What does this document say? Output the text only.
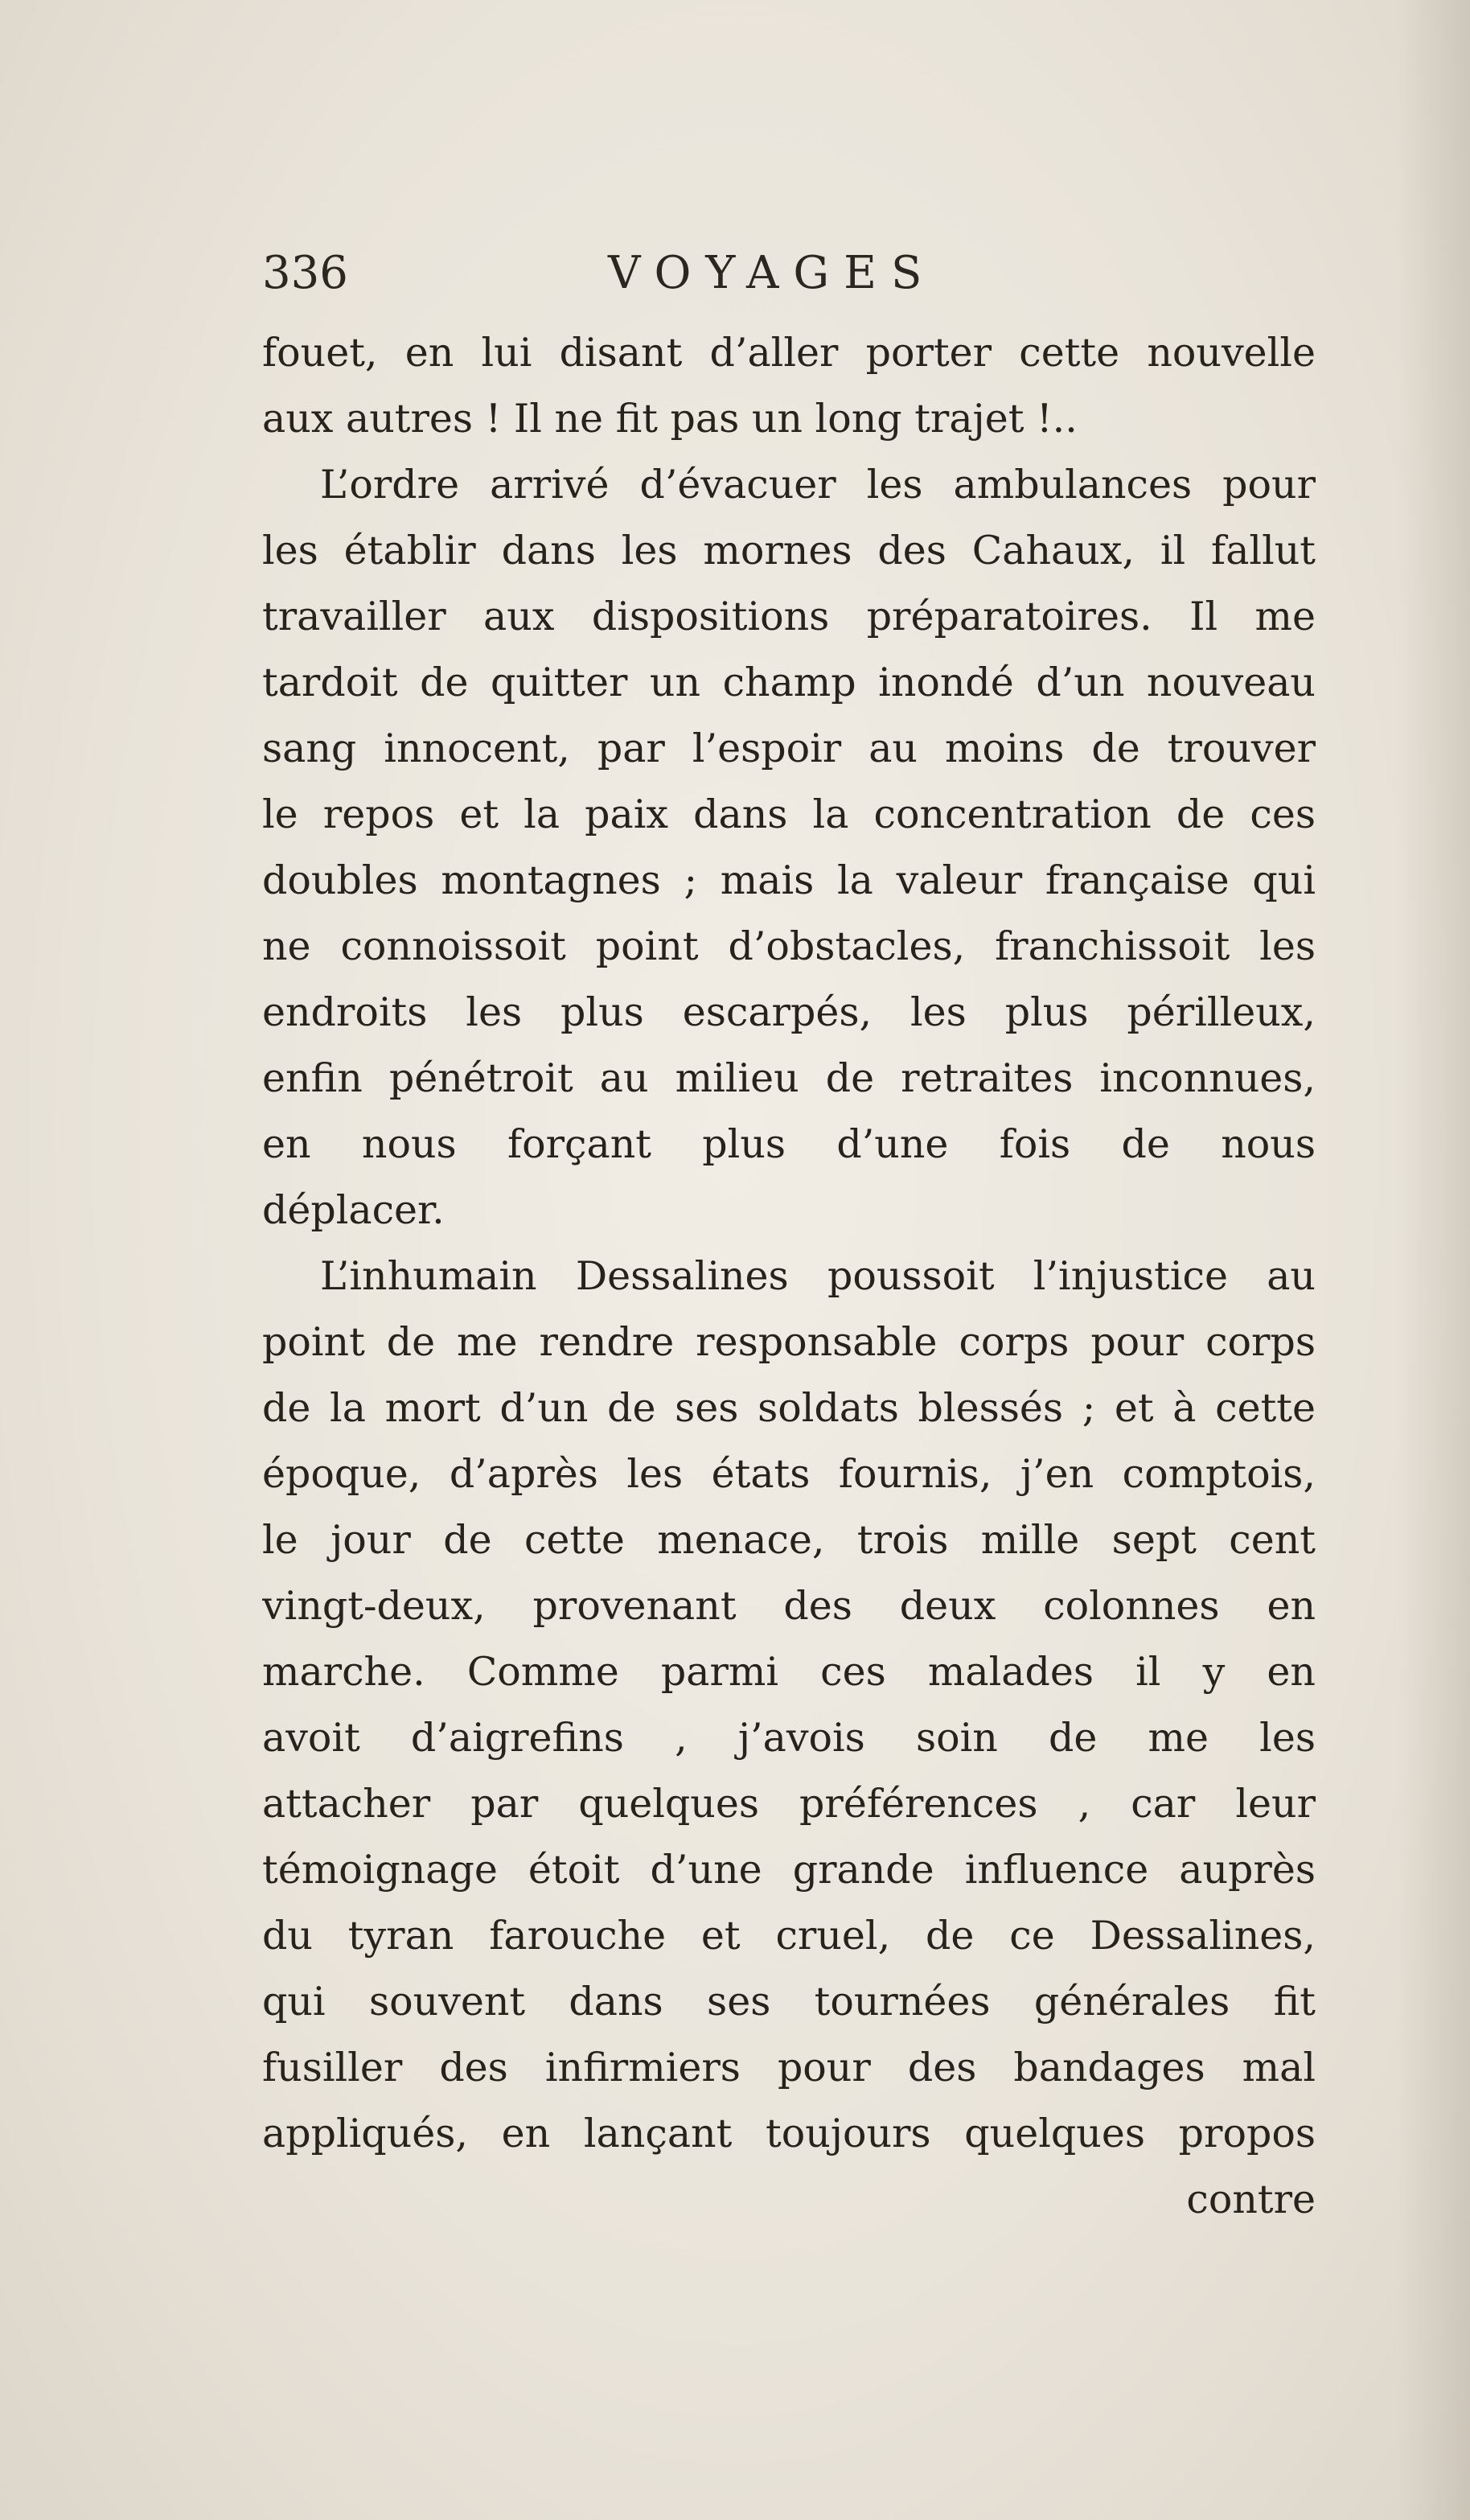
336	VOYAGES
fouet, en lui disant d’aller porter cette nouvelle
aux autres ! Il ne fit pas un long trajet !..
L’ordre arrivé d’évacuer les ambulances pour
les établir dans les mornes des Cahaux, il fallut
travailler aux dispositions préparatoires. Il me
tardoit de quitter un champ inondé d’un nouveau
sang innocent, par l’espoir au moins de trouver
le repos et la paix dans la concentration de ces
doubles montagnes ; mais la valeur française qui
ne connoissoit point d’obstacles, franchissoit les
endroits les plus escarpés, les plus périlleux,
enfin pénétroit au milieu de retraites inconnues,
en nous forçant plus d’une fois de nous
déplacer.
L’inhumain Dessalines poussoit l’injustice au
point de me rendre responsable corps pour corps
de la mort d’un de ses soldats blessés ; et à cette
époque, d’après les états fournis, j’en comptois,
le jour de cette menace, trois mille sept cent
vingt-deux, provenant des deux colonnes en
marche. Comme parmi ces malades il y en
avoit d’aigrefins , j’avois soin de me les
attacher par quelques préférences , car leur
témoignage étoit d’une grande influence auprès
du tyran farouche et cruel, de ce Dessalines,
qui souvent dans ses tournées générales fit
fusiller des infirmiers pour des bandages mal
appliqués, en lançant toujours quelques propos
contre
